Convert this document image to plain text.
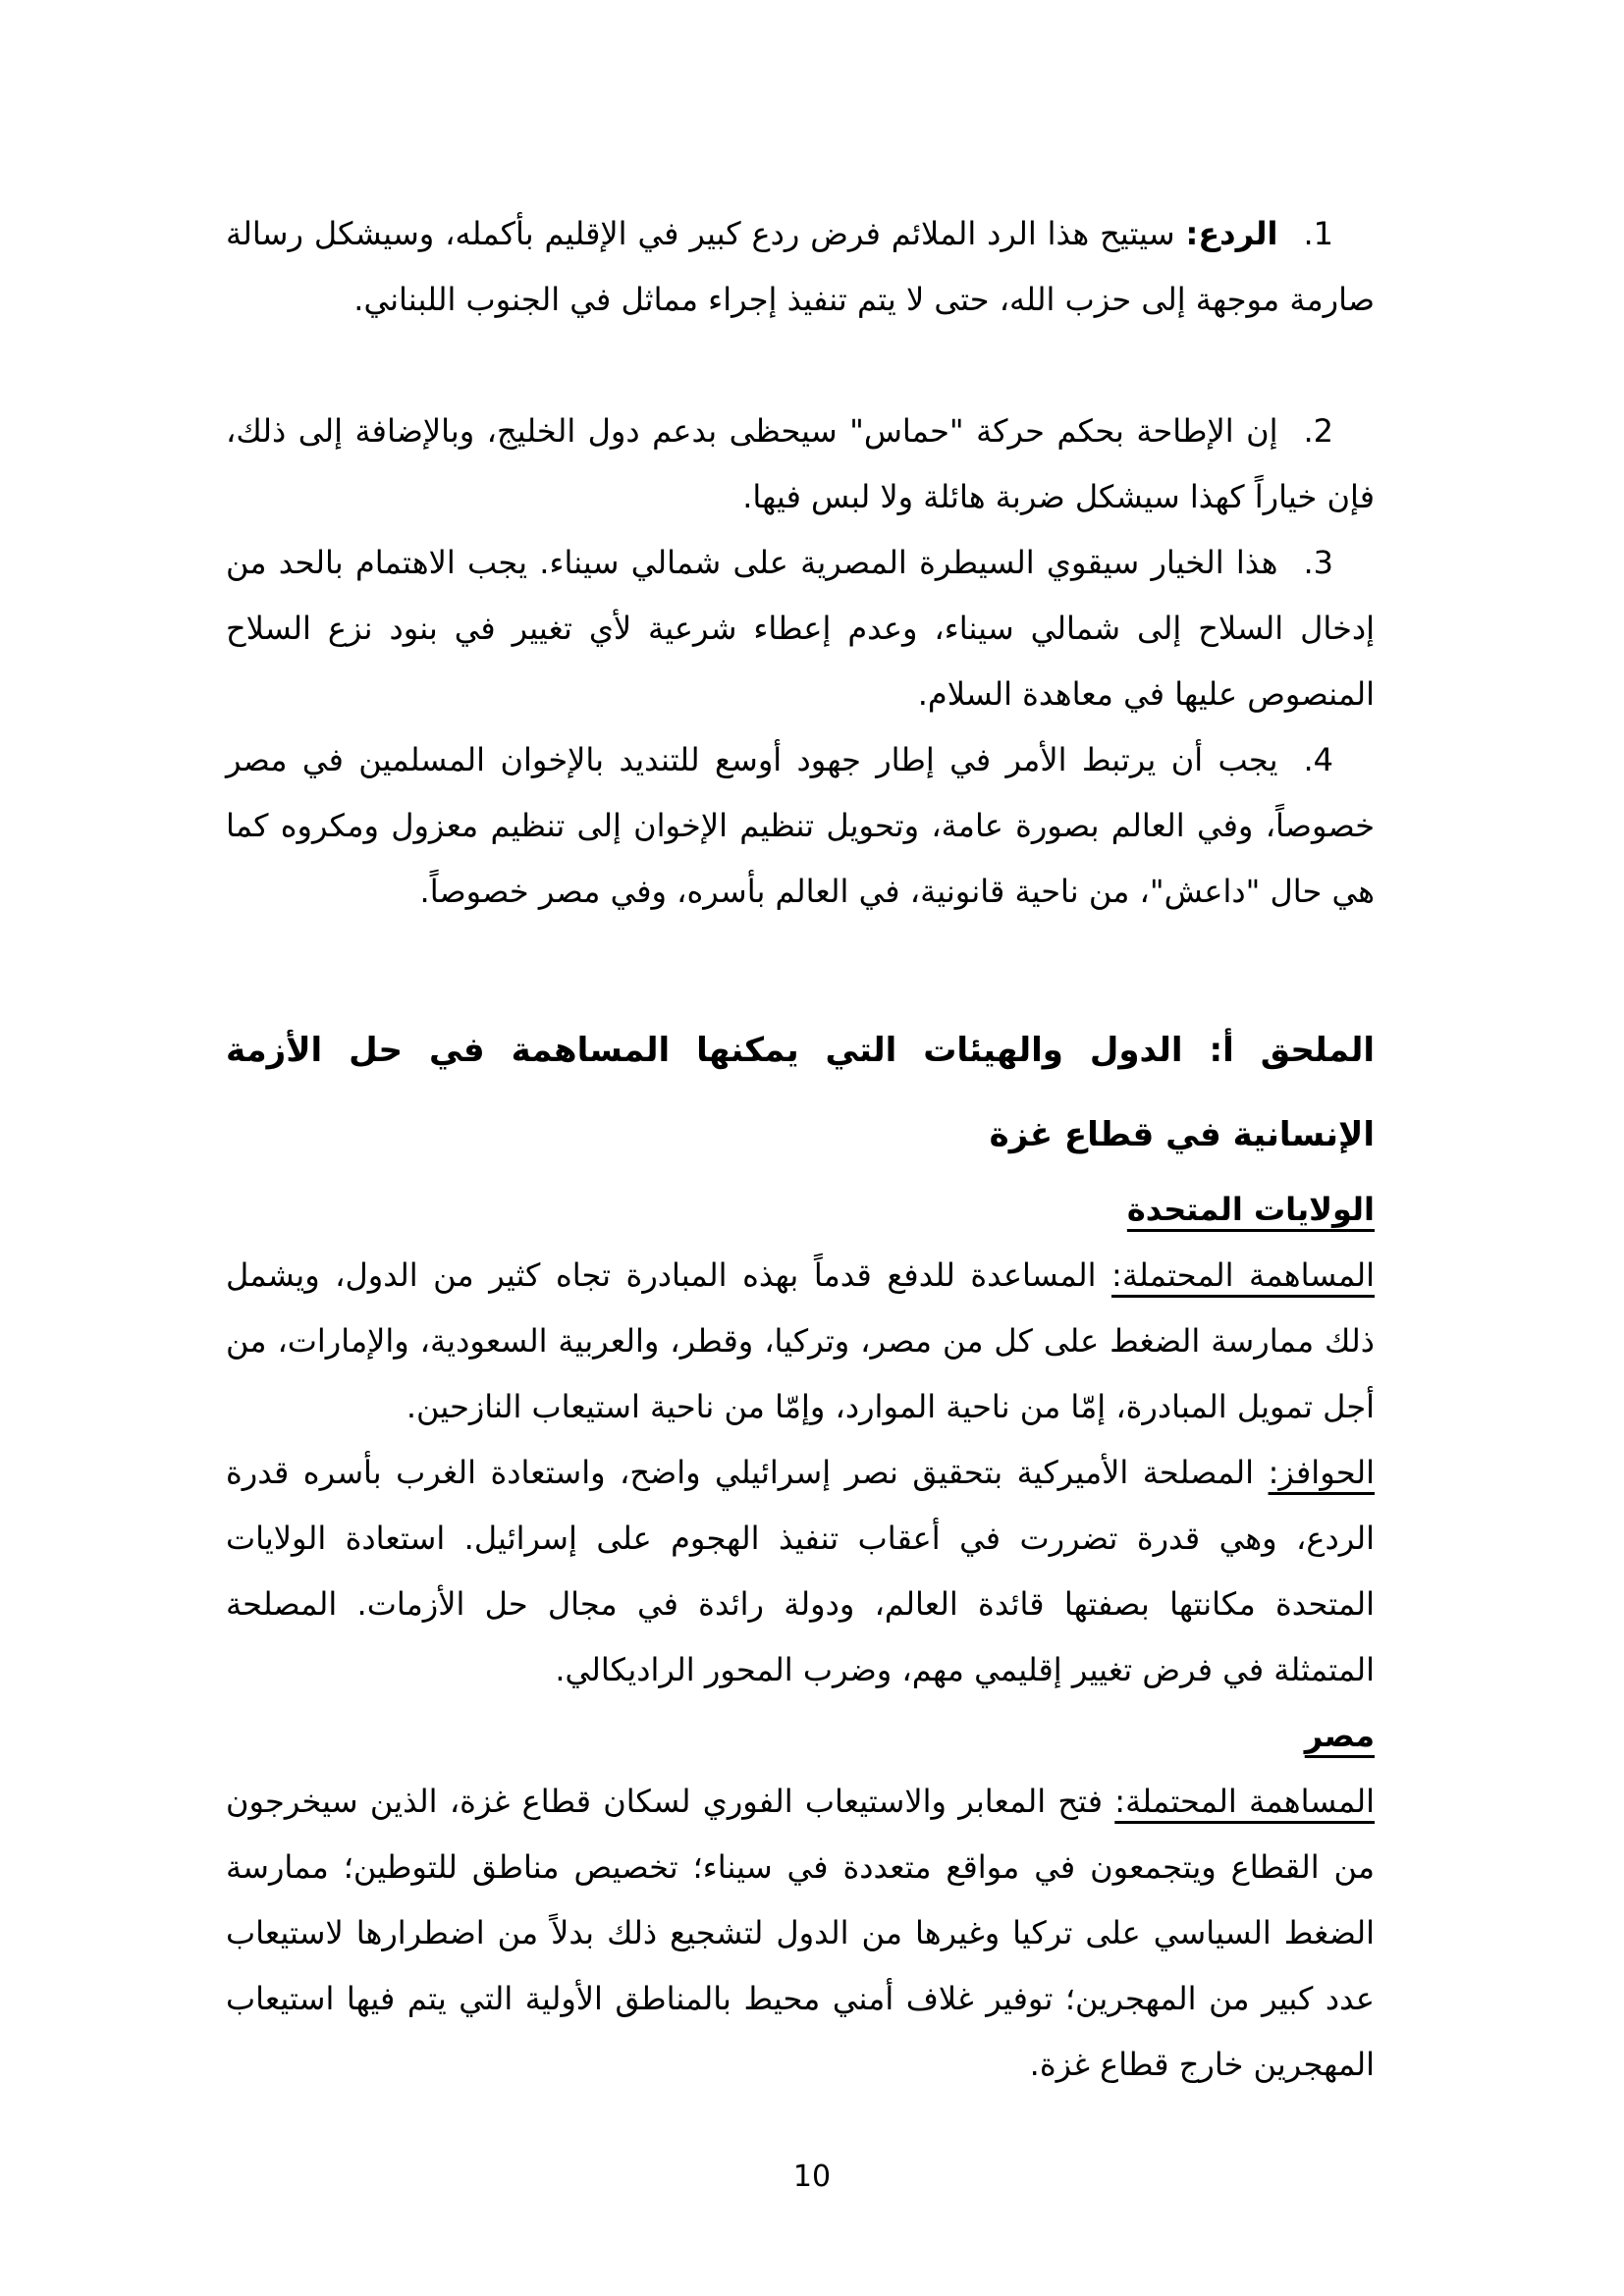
1.الردع: سيتيح هذا الرد الملائم فرض ردع كبير في الإقليم بأكمله، وسيشكل رسالة صارمة موجهة إلى حزب الله، حتى لا يتم تنفيذ إجراء مماثل في الجنوب اللبناني.

2.إن الإطاحة بحكم حركة "حماس" سيحظى بدعم دول الخليج، وبالإضافة إلى ذلك، فإن خياراً كهذا سيشكل ضربة هائلة ولا لبس فيها.

3.هذا الخيار سيقوي السيطرة المصرية على شمالي سيناء. يجب الاهتمام بالحد من إدخال السلاح إلى شمالي سيناء، وعدم إعطاء شرعية لأي تغيير في بنود نزع السلاح المنصوص عليها في معاهدة السلام.

4.يجب أن يرتبط الأمر في إطار جهود أوسع للتنديد بالإخوان المسلمين في مصر خصوصاً، وفي العالم بصورة عامة، وتحويل تنظيم الإخوان إلى تنظيم معزول ومكروه كما هي حال "داعش"، من ناحية قانونية، في العالم بأسره، وفي مصر خصوصاً.

الملحق أ: الدول والهيئات التي يمكنها المساهمة في حل الأزمة الإنسانية في قطاع غزة
الولايات المتحدة

المساهمة المحتملة: المساعدة للدفع قدماً بهذه المبادرة تجاه كثير من الدول، ويشمل ذلك ممارسة الضغط على كل من مصر، وتركيا، وقطر، والعربية السعودية، والإمارات، من أجل تمويل المبادرة، إمّا من ناحية الموارد، وإمّا من ناحية استيعاب النازحين.

الحوافز: المصلحة الأميركية بتحقيق نصر إسرائيلي واضح، واستعادة الغرب بأسره قدرة الردع، وهي قدرة تضررت في أعقاب تنفيذ الهجوم على إسرائيل. استعادة الولايات المتحدة مكانتها بصفتها قائدة العالم، ودولة رائدة في مجال حل الأزمات. المصلحة المتمثلة في فرض تغيير إقليمي مهم، وضرب المحور الراديكالي.

مصر

المساهمة المحتملة: فتح المعابر والاستيعاب الفوري لسكان قطاع غزة، الذين سيخرجون من القطاع ويتجمعون في مواقع متعددة في سيناء؛ تخصيص مناطق للتوطين؛ ممارسة الضغط السياسي على تركيا وغيرها من الدول لتشجيع ذلك بدلاً من اضطرارها لاستيعاب عدد كبير من المهجرين؛ توفير غلاف أمني محيط بالمناطق الأولية التي يتم فيها استيعاب المهجرين خارج قطاع غزة.

10
